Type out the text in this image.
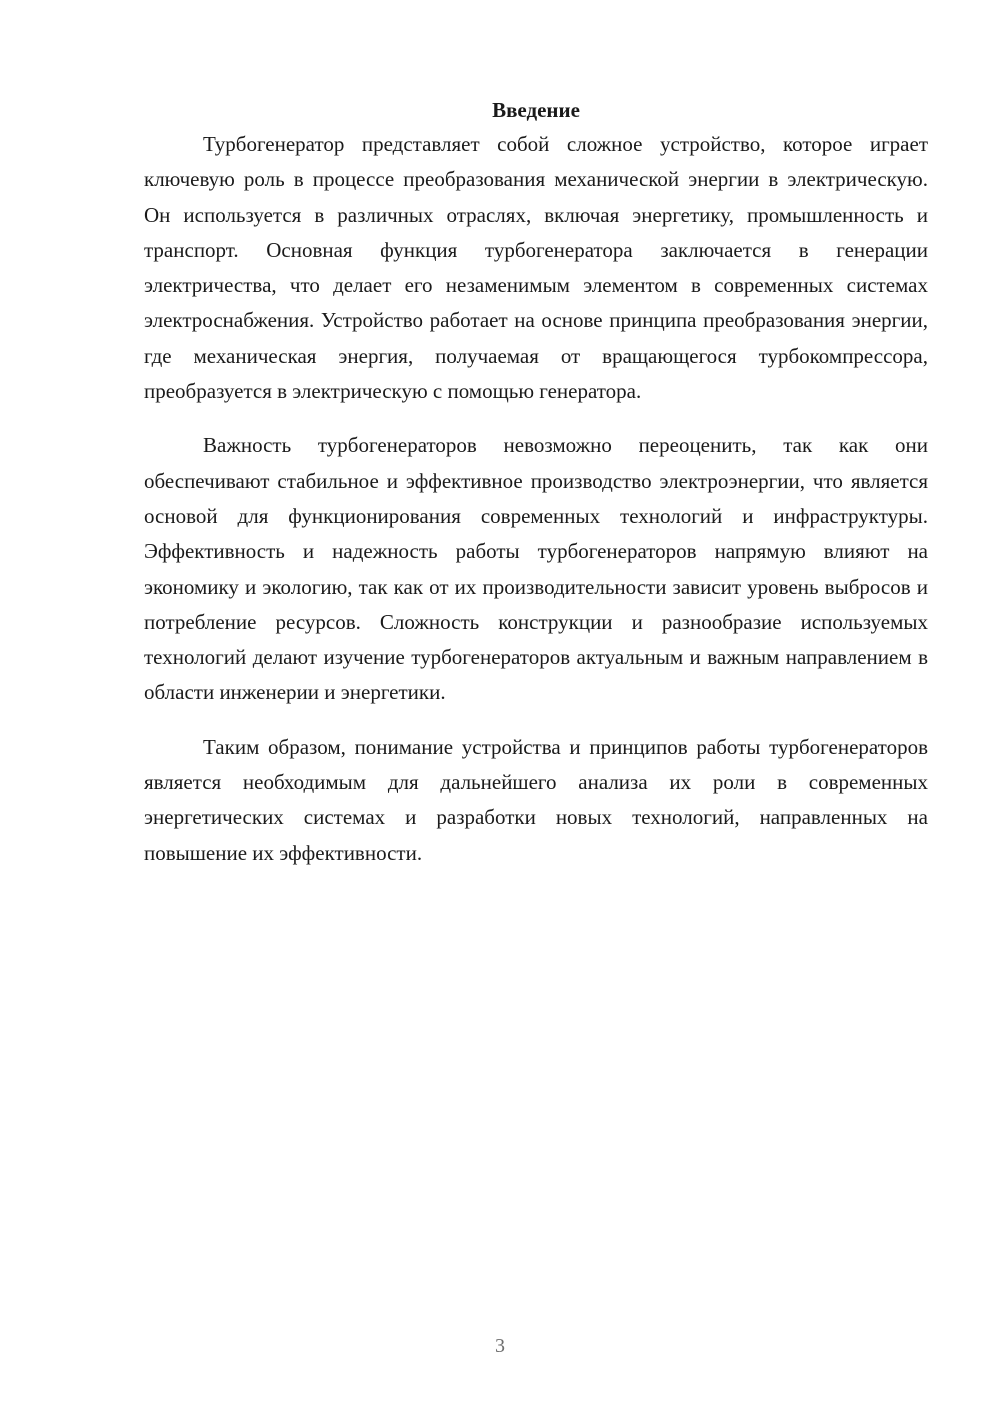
Введение

Турбогенератор представляет собой сложное устройство, которое играет ключевую роль в процессе преобразования механической энергии в электрическую. Он используется в различных отраслях, включая энергетику, промышленность и транспорт. Основная функция турбогенератора заключается в генерации электричества, что делает его незаменимым элементом в современных системах электроснабжения. Устройство работает на основе принципа преобразования энергии, где механическая энергия, получаемая от вращающегося турбокомпрессора, преобразуется в электрическую с помощью генератора.

Важность турбогенераторов невозможно переоценить, так как они обеспечивают стабильное и эффективное производство электроэнергии, что является основой для функционирования современных технологий и инфраструктуры. Эффективность и надежность работы турбогенераторов напрямую влияют на экономику и экологию, так как от их производительности зависит уровень выбросов и потребление ресурсов. Сложность конструкции и разнообразие используемых технологий делают изучение турбогенераторов актуальным и важным направлением в области инженерии и энергетики.

Таким образом, понимание устройства и принципов работы турбогенераторов является необходимым для дальнейшего анализа их роли в современных энергетических системах и разработки новых технологий, направленных на повышение их эффективности.

3
